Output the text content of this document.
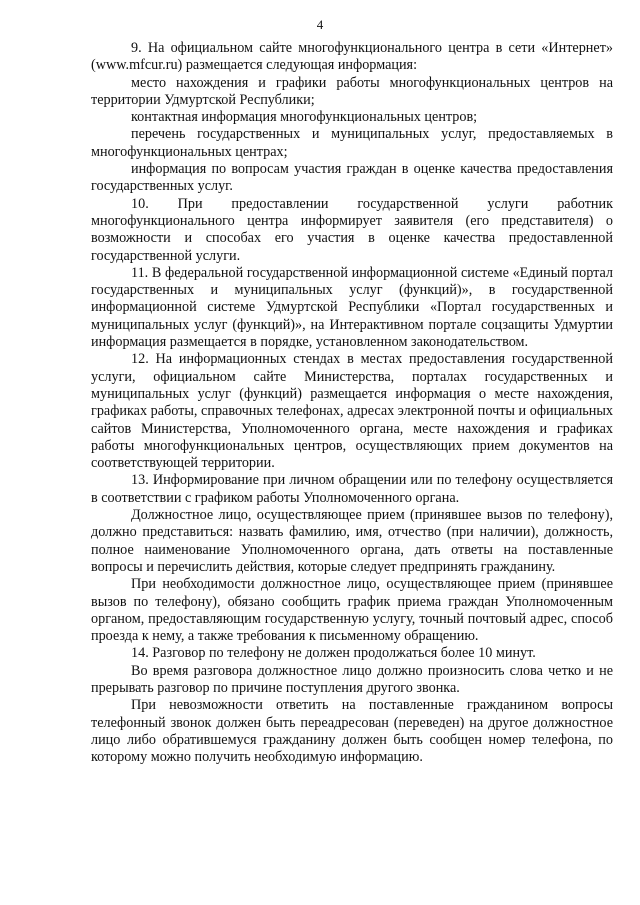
4

9. На официальном сайте многофункционального центра в сети «Интернет» (www.mfcur.ru) размещается следующая информация:

место нахождения и графики работы многофункциональных центров на территории Удмуртской Республики;

контактная информация многофункциональных центров;

перечень государственных и муниципальных услуг, предоставляемых в многофункциональных центрах;

информация по вопросам участия граждан в оценке качества предоставления государственных услуг.

10. При предоставлении государственной услуги работник многофункционального центра информирует заявителя (его представителя) о возможности и способах его участия в оценке качества предоставленной государственной услуги.

11. В федеральной государственной информационной системе «Единый портал государственных и муниципальных услуг (функций)», в государственной информационной системе Удмуртской Республики «Портал государственных и муниципальных услуг (функций)», на Интерактивном портале соцзащиты Удмуртии информация размещается в порядке, установленном законодательством.

12. На информационных стендах в местах предоставления государственной услуги, официальном сайте Министерства, порталах государственных и муниципальных услуг (функций) размещается информация о месте нахождения, графиках работы, справочных телефонах, адресах электронной почты и официальных сайтов Министерства, Уполномоченного органа, месте нахождения и графиках работы многофункциональных центров, осуществляющих прием документов на соответствующей территории.

13. Информирование при личном обращении или по телефону осуществляется в соответствии с графиком работы Уполномоченного органа.

Должностное лицо, осуществляющее прием (принявшее вызов по телефону), должно представиться: назвать фамилию, имя, отчество (при наличии), должность, полное наименование Уполномоченного органа, дать ответы на поставленные вопросы и перечислить действия, которые следует предпринять гражданину.

При необходимости должностное лицо, осуществляющее прием (принявшее вызов по телефону), обязано сообщить график приема граждан Уполномоченным органом, предоставляющим государственную услугу, точный почтовый адрес, способ проезда к нему, а также требования к письменному обращению.

14. Разговор по телефону не должен продолжаться более 10 минут.

Во время разговора должностное лицо должно произносить слова четко и не прерывать разговор по причине поступления другого звонка.

При невозможности ответить на поставленные гражданином вопросы телефонный звонок должен быть переадресован (переведен) на другое должностное лицо либо обратившемуся гражданину должен быть сообщен номер телефона, по которому можно получить необходимую информацию.
